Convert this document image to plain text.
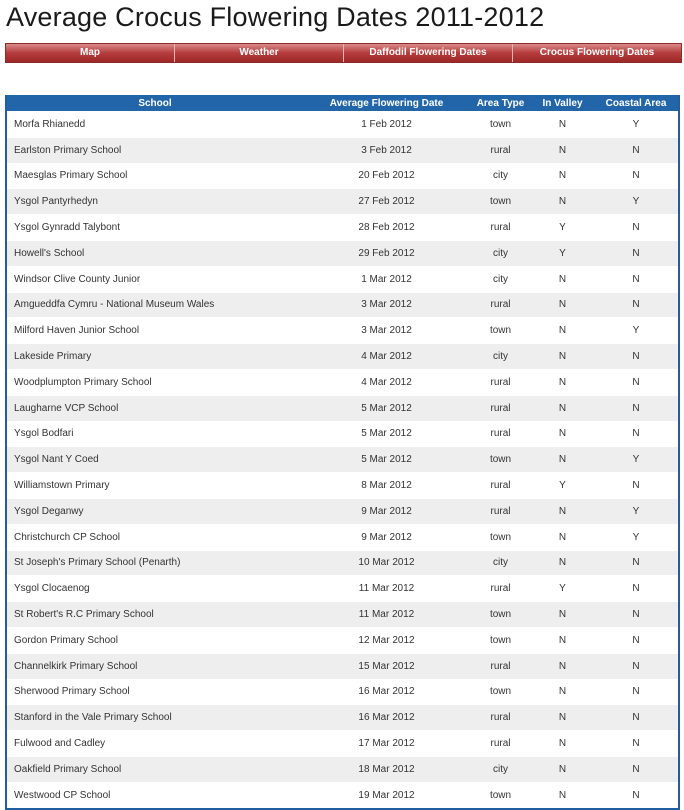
Average Crocus Flowering Dates 2011-2012
Map	Weather	Daffodil Flowering Dates	Crocus Flowering Dates
School	Average Flowering Date	Area Type	In Valley	Coastal Area
Morfa Rhianedd	1 Feb 2012	town	N	Y
Earlston Primary School	3 Feb 2012	rural	N	N
Maesglas Primary School	20 Feb 2012	city	N	N
Ysgol Pantyrhedyn	27 Feb 2012	town	N	Y
Ysgol Gynradd Talybont	28 Feb 2012	rural	Y	N
Howell's School	29 Feb 2012	city	Y	N
Windsor Clive County Junior	1 Mar 2012	city	N	N
Amgueddfa Cymru - National Museum Wales	3 Mar 2012	rural	N	N
Milford Haven Junior School	3 Mar 2012	town	N	Y
Lakeside Primary	4 Mar 2012	city	N	N
Woodplumpton Primary School	4 Mar 2012	rural	N	N
Laugharne VCP School	5 Mar 2012	rural	N	N
Ysgol Bodfari	5 Mar 2012	rural	N	N
Ysgol Nant Y Coed	5 Mar 2012	town	N	Y
Williamstown Primary	8 Mar 2012	rural	Y	N
Ysgol Deganwy	9 Mar 2012	rural	N	Y
Christchurch CP School	9 Mar 2012	town	N	Y
St Joseph's Primary School (Penarth)	10 Mar 2012	city	N	N
Ysgol Clocaenog	11 Mar 2012	rural	Y	N
St Robert's R.C Primary School	11 Mar 2012	town	N	N
Gordon Primary School	12 Mar 2012	town	N	N
Channelkirk Primary School	15 Mar 2012	rural	N	N
Sherwood Primary School	16 Mar 2012	town	N	N
Stanford in the Vale Primary School	16 Mar 2012	rural	N	N
Fulwood and Cadley	17 Mar 2012	rural	N	N
Oakfield Primary School	18 Mar 2012	city	N	N
Westwood CP School	19 Mar 2012	town	N	N
